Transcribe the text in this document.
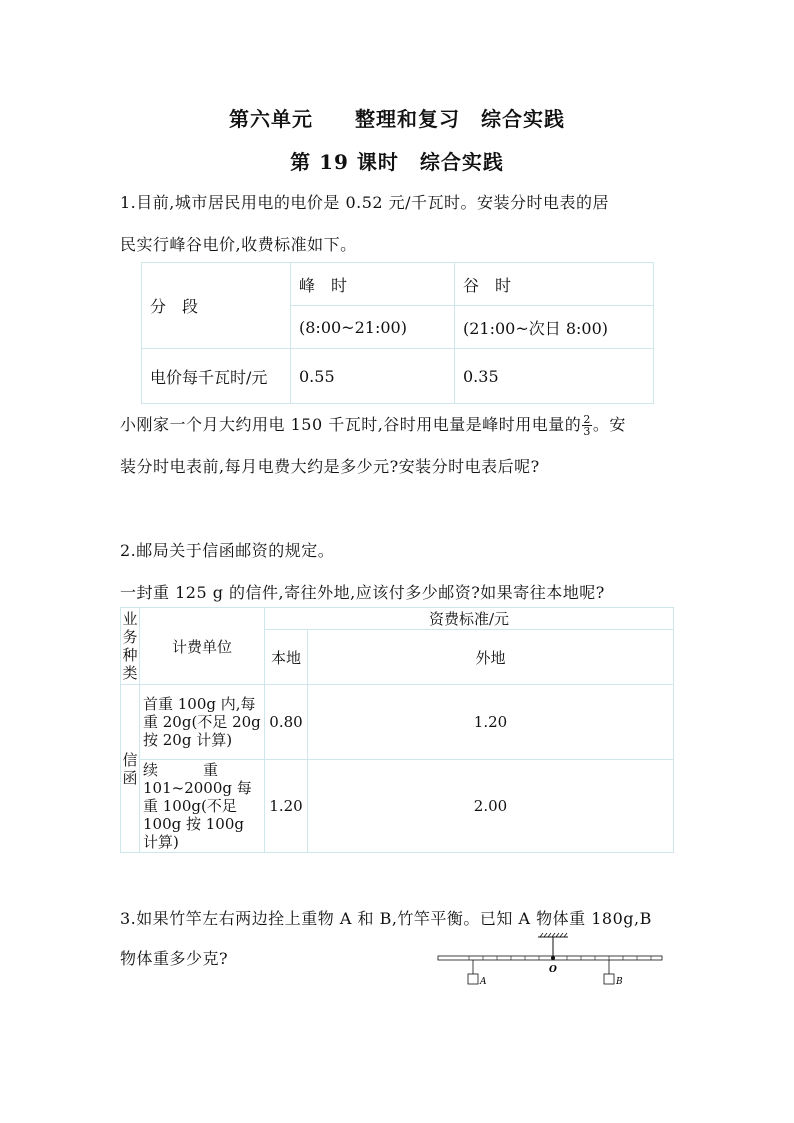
第六单元　　整理和复习　综合实践
第 19 课时　综合实践
1.目前,城市居民用电的电价是 0.52 元/千瓦时。安装分时电表的居
民实行峰谷电价,收费标准如下。
分　段	峰　时	谷　时
	(8:00~21:00)	(21:00~次日 8:00)
电价每千瓦时/元	0.55	0.35
小刚家一个月大约用电 150 千瓦时,谷时用电量是峰时用电量的 $\frac{2}{3}$ 。安
装分时电表前,每月电费大约是多少元?安装分时电表后呢?
2.邮局关于信函邮资的规定。
一封重 125 g 的信件,寄往外地,应该付多少邮资?如果寄往本地呢?
业
务
种
类	计费单位	资费标准/元	
		本地	外地

信
函	首重 100g 内,每 重 20g(不足 20g 按 20g 计算)	0.80	1.20
	续　　　重 101~2000g 每重 100g(不足 100g 按 100g 计算)	1.20	2.00
3.如果竹竿左右两边拴上重物 A 和 B,竹竿平衡。已知 A 物体重 180g,B
物体重多少克?
O
A	B
